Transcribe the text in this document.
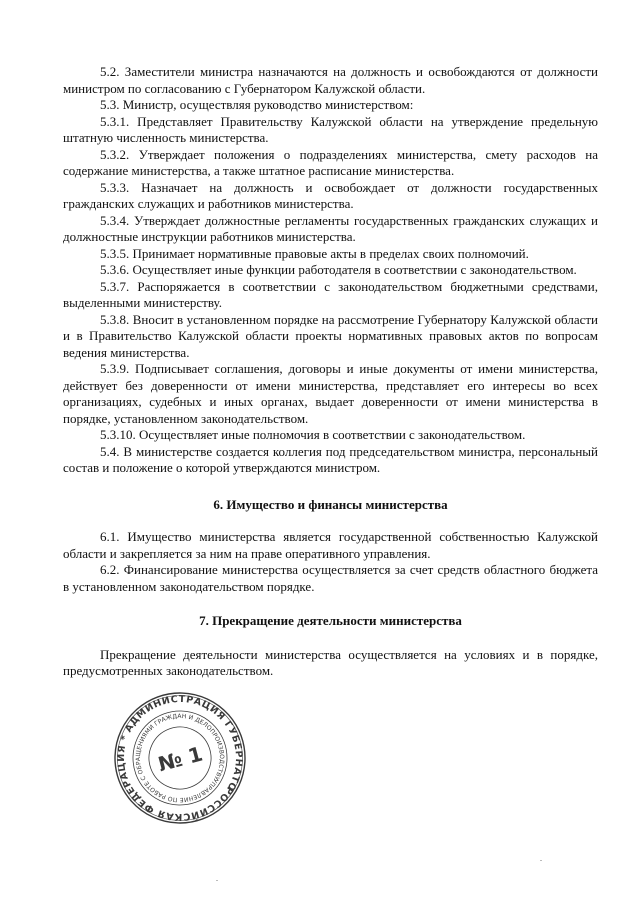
5.2. Заместители министра назначаются на должность и освобождаются от должности министром по согласованию с Губернатором Калужской области.

5.3. Министр, осуществляя руководство министерством:

5.3.1. Представляет Правительству Калужской области на утверждение предельную штатную численность министерства.

5.3.2. Утверждает положения о подразделениях министерства, смету расходов на содержание министерства, а также штатное расписание министерства.

5.3.3. Назначает на должность и освобождает от должности государственных гражданских служащих и работников министерства.

5.3.4. Утверждает должностные регламенты государственных гражданских служащих и должностные инструкции работников министерства.

5.3.5. Принимает нормативные правовые акты в пределах своих полномочий.

5.3.6. Осуществляет иные функции работодателя в соответствии с законодательством.

5.3.7. Распоряжается в соответствии с законодательством бюджетными средствами, выделенными министерству.

5.3.8. Вносит в установленном порядке на рассмотрение Губернатору Калужской области и в Правительство Калужской области проекты нормативных правовых актов по вопросам ведения министерства.

5.3.9. Подписывает соглашения, договоры и иные документы от имени министерства, действует без доверенности от имени министерства, представляет его интересы во всех организациях, судебных и иных органах, выдает доверенности от имени министерства в порядке, установленном законодательством.

5.3.10. Осуществляет иные полномочия в соответствии с законодательством.

5.4. В министерстве создается коллегия под председательством министра, персональный состав и положение о которой утверждаются министром.

6. Имущество и финансы министерства

6.1. Имущество министерства является государственной собственностью Калужской области и закрепляется за ним на праве оперативного управления.

6.2. Финансирование министерства осуществляется за счет средств областного бюджета в установленном законодательством порядке.

7. Прекращение деятельности министерства

Прекращение деятельности министерства осуществляется на условиях и в порядке, предусмотренных законодательством.

РОССИЙСКАЯ ФЕДЕРАЦИЯ * АДМИНИСТРАЦИЯ ГУБЕРНАТОРА
УПРАВЛЕНИЕ ПО РАБОТЕ С ОБРАЩЕНИЯМИ ГРАЖДАН И ДЕЛОПРОИЗВОДСТВУ
№ 1
